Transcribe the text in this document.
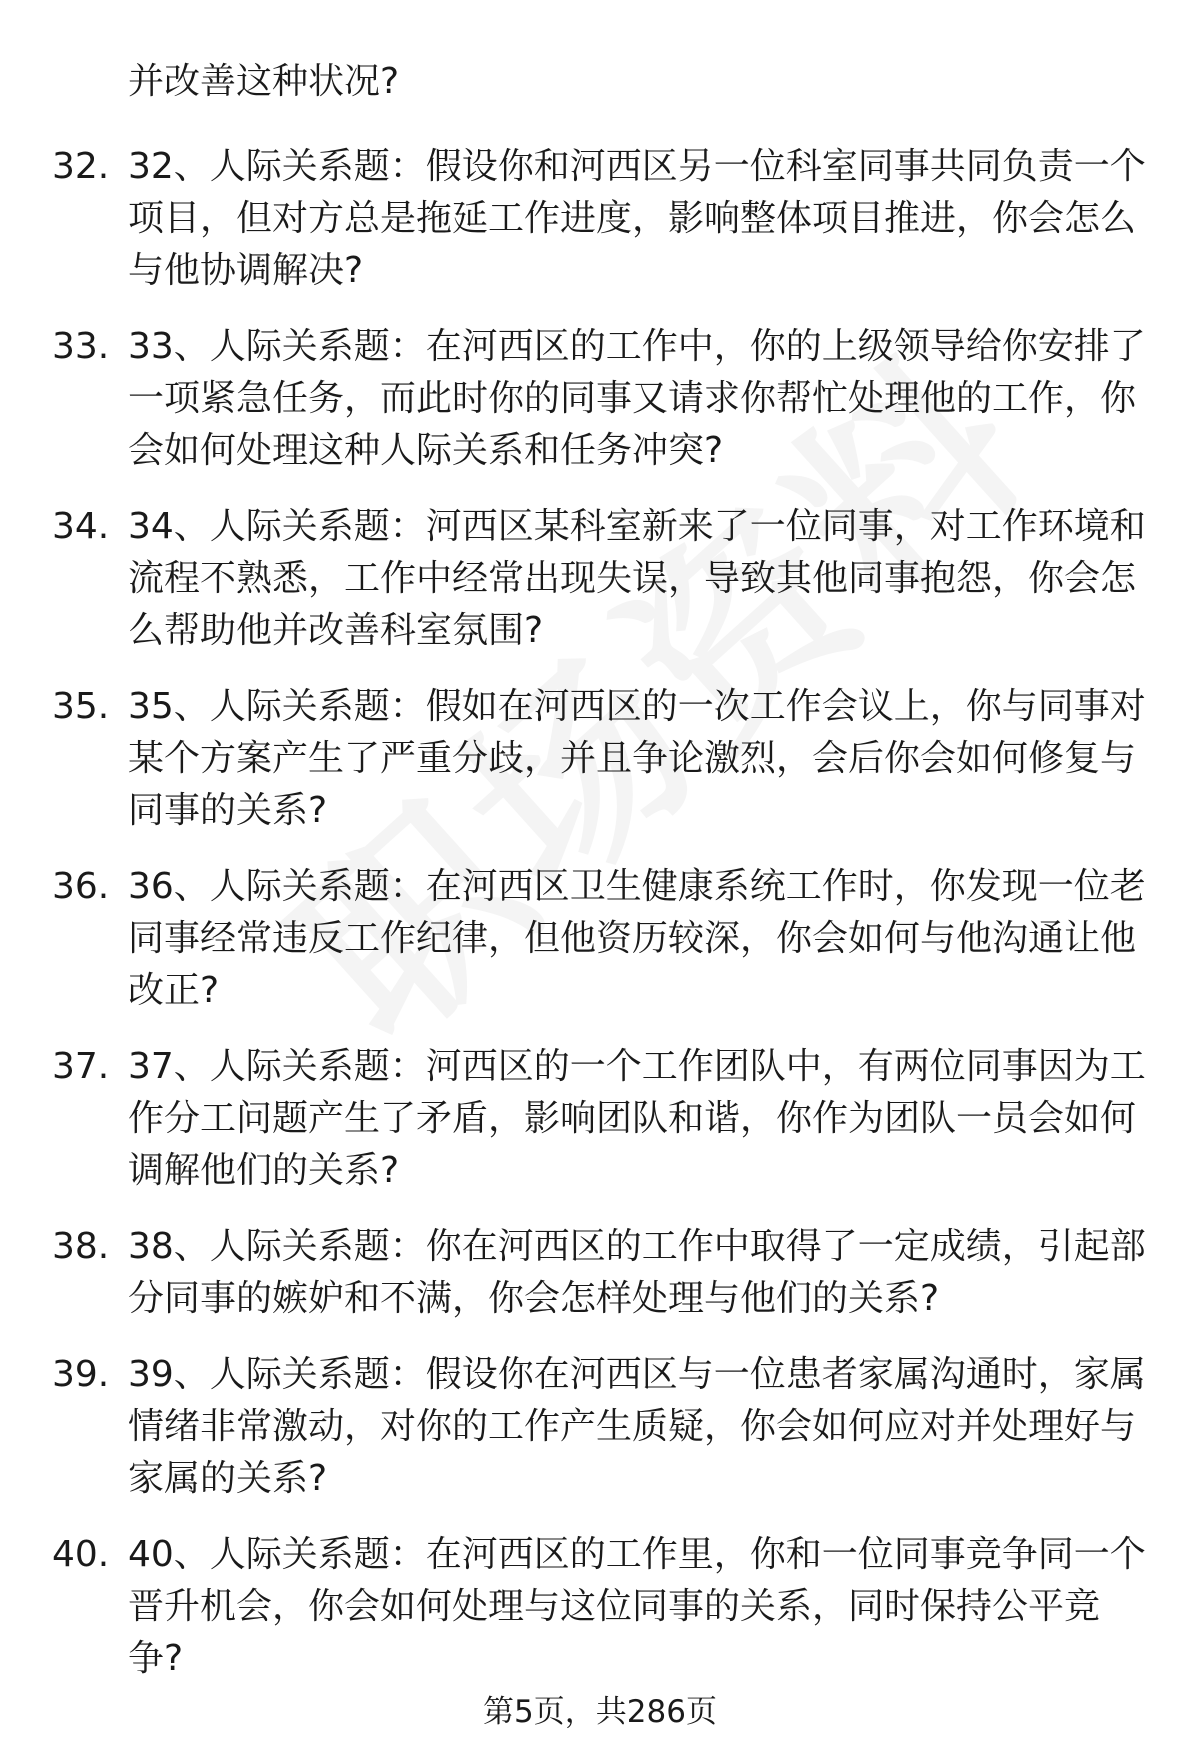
并改善这种状况?
32. 32、人际关系题：假设你和河西区另一位科室同事共同负责一个
项目，但对方总是拖延工作进度，影响整体项目推进，你会怎么
与他协调解决?
33. 33、人际关系题：在河西区的工作中，你的上级领导给你安排了
一项紧急任务，而此时你的同事又请求你帮忙处理他的工作，你
会如何处理这种人际关系和任务冲突?
34. 34、人际关系题：河西区某科室新来了一位同事，对工作环境和
流程不熟悉，工作中经常出现失误，导致其他同事抱怨，你会怎
么帮助他并改善科室氛围?
35. 35、人际关系题：假如在河西区的一次工作会议上，你与同事对
某个方案产生了严重分歧，并且争论激烈，会后你会如何修复与
同事的关系?
36. 36、人际关系题：在河西区卫生健康系统工作时，你发现一位老
同事经常违反工作纪律，但他资历较深，你会如何与他沟通让他
改正?
37. 37、人际关系题：河西区的一个工作团队中，有两位同事因为工
作分工问题产生了矛盾，影响团队和谐，你作为团队一员会如何
调解他们的关系?
38. 38、人际关系题：你在河西区的工作中取得了一定成绩，引起部
分同事的嫉妒和不满，你会怎样处理与他们的关系?
39. 39、人际关系题：假设你在河西区与一位患者家属沟通时，家属
情绪非常激动，对你的工作产生质疑，你会如何应对并处理好与
家属的关系?
40. 40、人际关系题：在河西区的工作里，你和一位同事竞争同一个
晋升机会，你会如何处理与这位同事的关系，同时保持公平竞
争?
第5页，共286页
